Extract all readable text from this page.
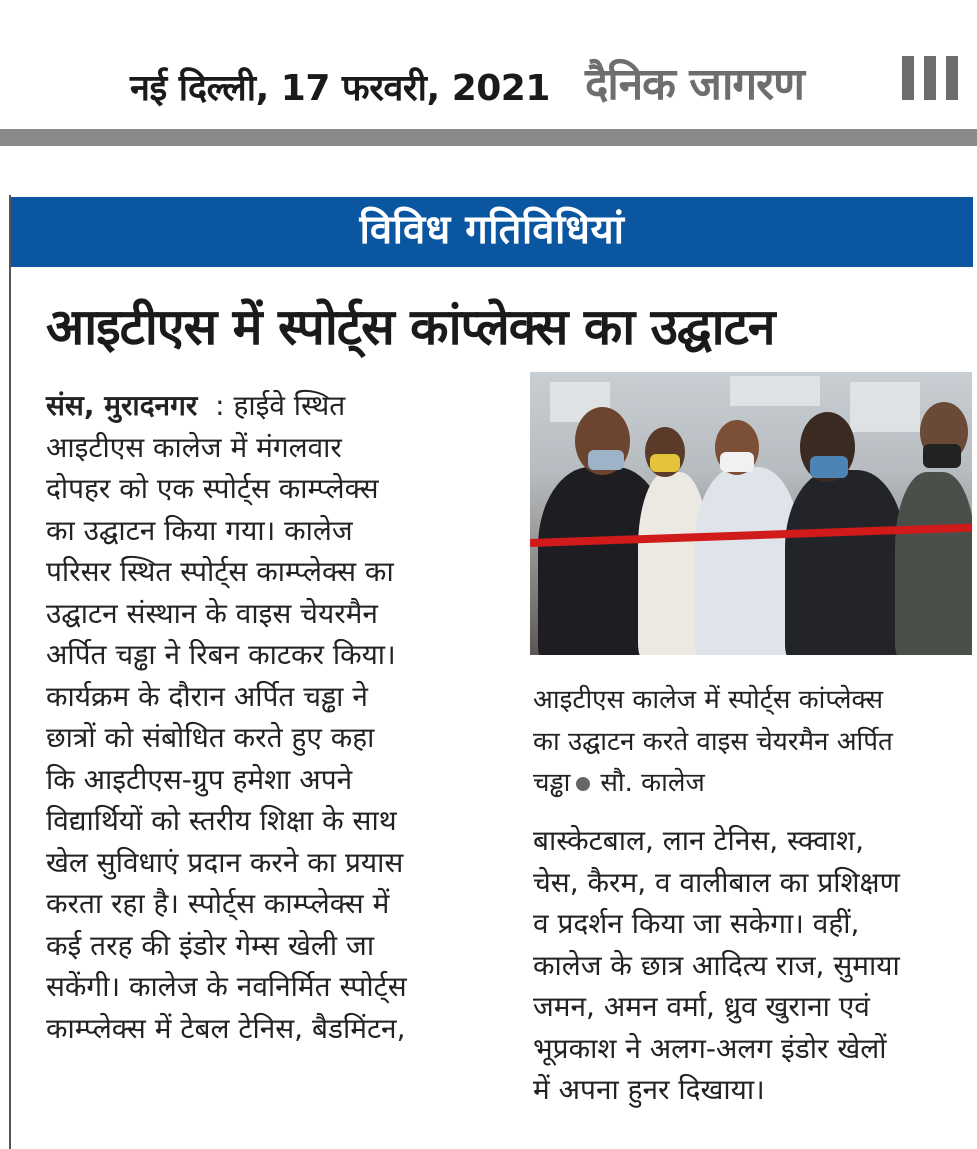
नई दिल्ली, 17 फरवरी, 2021 दैनिक जागरण
विविध गतिविधियां
आइटीएस में स्पोर्ट्स कांप्लेक्स का उद्घाटन
संस, मुरादनगर  : हाईवे स्थित
आइटीएस कालेज में मंगलवार
दोपहर को एक स्पोर्ट्स काम्प्लेक्स
का उद्घाटन किया गया। कालेज
परिसर स्थित स्पोर्ट्स काम्प्लेक्स का
उद्घाटन संस्थान के वाइस चेयरमैन
अर्पित चड्ढा ने रिबन काटकर किया।
कार्यक्रम के दौरान अर्पित चड्ढा ने
छात्रों को संबोधित करते हुए कहा
कि आइटीएस-ग्रुप हमेशा अपने
विद्यार्थियों को स्तरीय शिक्षा के साथ
खेल सुविधाएं प्रदान करने का प्रयास
करता रहा है। स्पोर्ट्स काम्प्लेक्स में
कई तरह की इंडोर गेम्स खेली जा
सकेंगी। कालेज के नवनिर्मित स्पोर्ट्स
काम्प्लेक्स में टेबल टेनिस, बैडमिंटन,
आइटीएस कालेज में स्पोर्ट्स कांप्लेक्स
का उद्घाटन करते वाइस चेयरमैन अर्पित
चड्ढा सौ. कालेज
बास्केटबाल, लान टेनिस, स्क्वाश,
चेस, कैरम, व वालीबाल का प्रशिक्षण
व प्रदर्शन किया जा सकेगा। वहीं,
कालेज के छात्र आदित्य राज, सुमाया
जमन, अमन वर्मा, ध्रुव खुराना एवं
भूप्रकाश ने अलग-अलग इंडोर खेलों
में अपना हुनर दिखाया।
